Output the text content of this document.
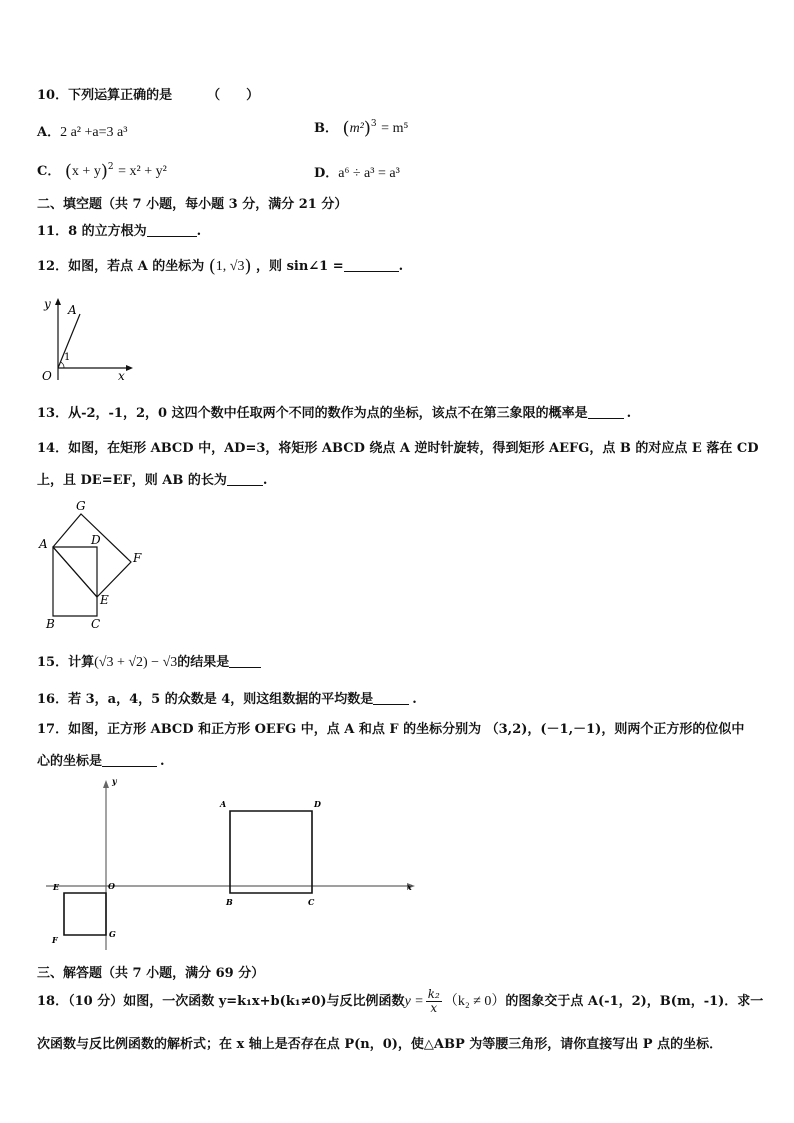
10．下列运算正确的是	（　　）
A．2 a² +a=3 a³	B． $(m^2)^3 = m^5$
C． $(x + y)^2 = x^2 + y^2$	D．a⁶ ÷ a³ = a³
二、填空题（共 7 小题，每小题 3 分，满分 21 分）
11．8 的立方根为	.
12．如图，若点 A 的坐标为 (1, √3) ，则 sin∠1 =	.
y A
1
O	x
13．从-2，-1，2，0 这四个数中任取两个不同的数作为点的坐标，该点不在第三象限的概率是	.
14．如图，在矩形 ABCD 中，AD=3，将矩形 ABCD 绕点 A 逆时针旋转，得到矩形 AEFG，点 B 的对应点 E 落在 CD
上，且 DE=EF，则 AB 的长为	.
G
A	D
F
E
B	C
15．计算(√3 + √2) − √3的结果是
16．若 3，a，4，5 的众数是 4，则这组数据的平均数是	.
17．如图，正方形 ABCD 和正方形 OEFG 中，点 A 和点 F 的坐标分别为 （3,2)，(－1,－1)，则两个正方形的位似中
心的坐标是	.
y
x
O
E
F
G
A	D
B	C
三、解答题（共 7 小题，满分 69 分）
18．（10 分）如图，一次函数 y=k₁x+b(k₁≠0)与反比例函数$y = \frac{\text{k₂}}{x} (k_2 \ne 0)$的图象交于点 A(-1，2)，B(m，-1)．求一
次函数与反比例函数的解析式；在 x 轴上是否存在点 P(n，0)，使△ABP 为等腰三角形，请你直接写出 P 点的坐标．
